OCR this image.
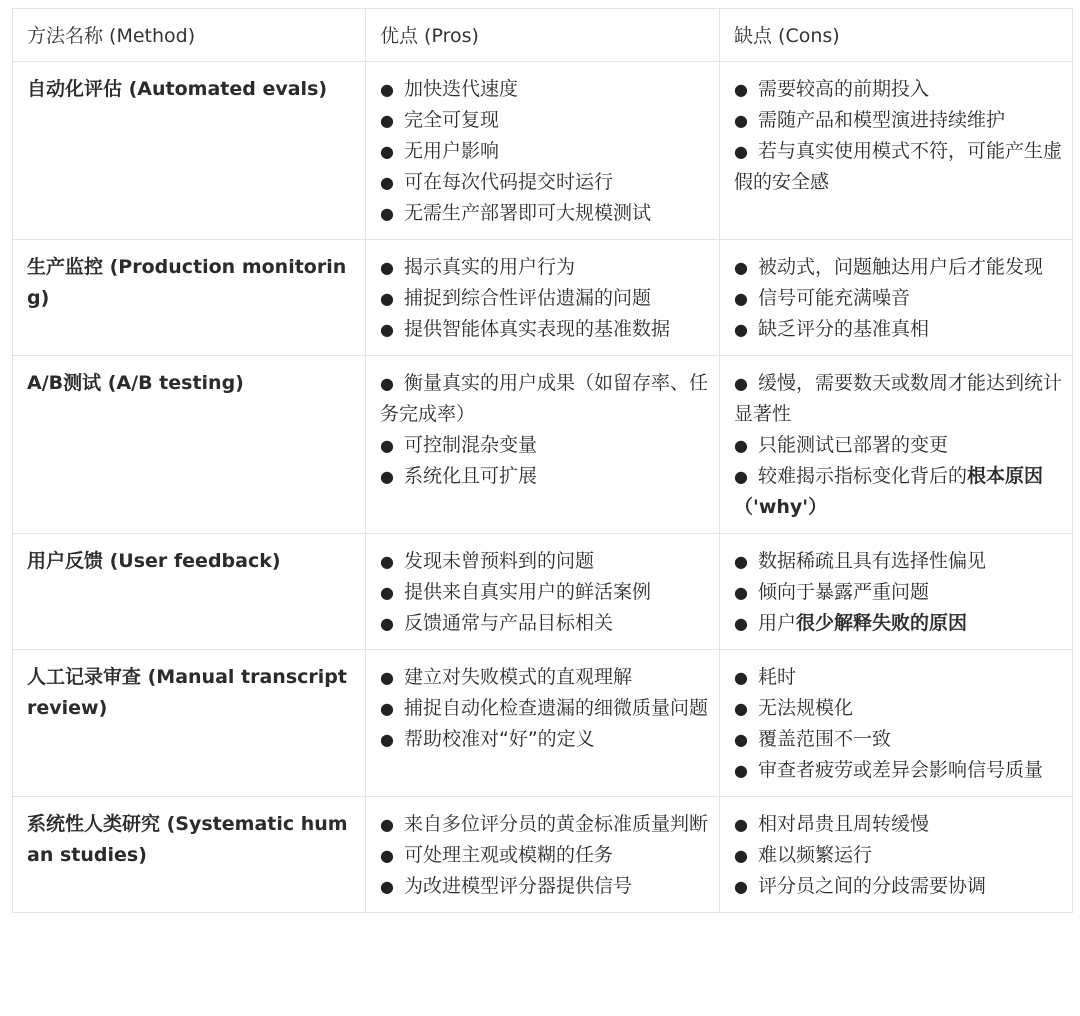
方法名称 (Method)	优点 (Pros)	缺点 (Cons)
自动化评估 (Automated evals)	● 加快迭代速度
● 完全可复现
● 无用户影响
● 可在每次代码提交时运行
● 无需生产部署即可大规模测试	● 需要较高的前期投入
● 需随产品和模型演进持续维护
● 若与真实使用模式不符，可能产生虚假的安全感

生产监控 (Production monitoring)	● 揭示真实的用户行为
● 捕捉到综合性评估遗漏的问题
● 提供智能体真实表现的基准数据	● 被动式，问题触达用户后才能发现
● 信号可能充满噪音
● 缺乏评分的基准真相

A/B测试 (A/B testing)	● 衡量真实的用户成果（如留存率、任务完成率）
● 可控制混杂变量
● 系统化且可扩展	● 缓慢，需要数天或数周才能达到统计显著性
● 只能测试已部署的变更
● 较难揭示指标变化背后的根本原因（'why'）

用户反馈 (User feedback)	● 发现未曾预料到的问题
● 提供来自真实用户的鲜活案例
● 反馈通常与产品目标相关	● 数据稀疏且具有选择性偏见
● 倾向于暴露严重问题
● 用户很少解释失败的原因

人工记录审查 (Manual transcript review)	● 建立对失败模式的直观理解
● 捕捉自动化检查遗漏的细微质量问题
● 帮助校准对“好”的定义	● 耗时
● 无法规模化
● 覆盖范围不一致
● 审查者疲劳或差异会影响信号质量

系统性人类研究 (Systematic human studies)	● 来自多位评分员的黄金标准质量判断
● 可处理主观或模糊的任务
● 为改进模型评分器提供信号	● 相对昂贵且周转缓慢
● 难以频繁运行
● 评分员之间的分歧需要协调
